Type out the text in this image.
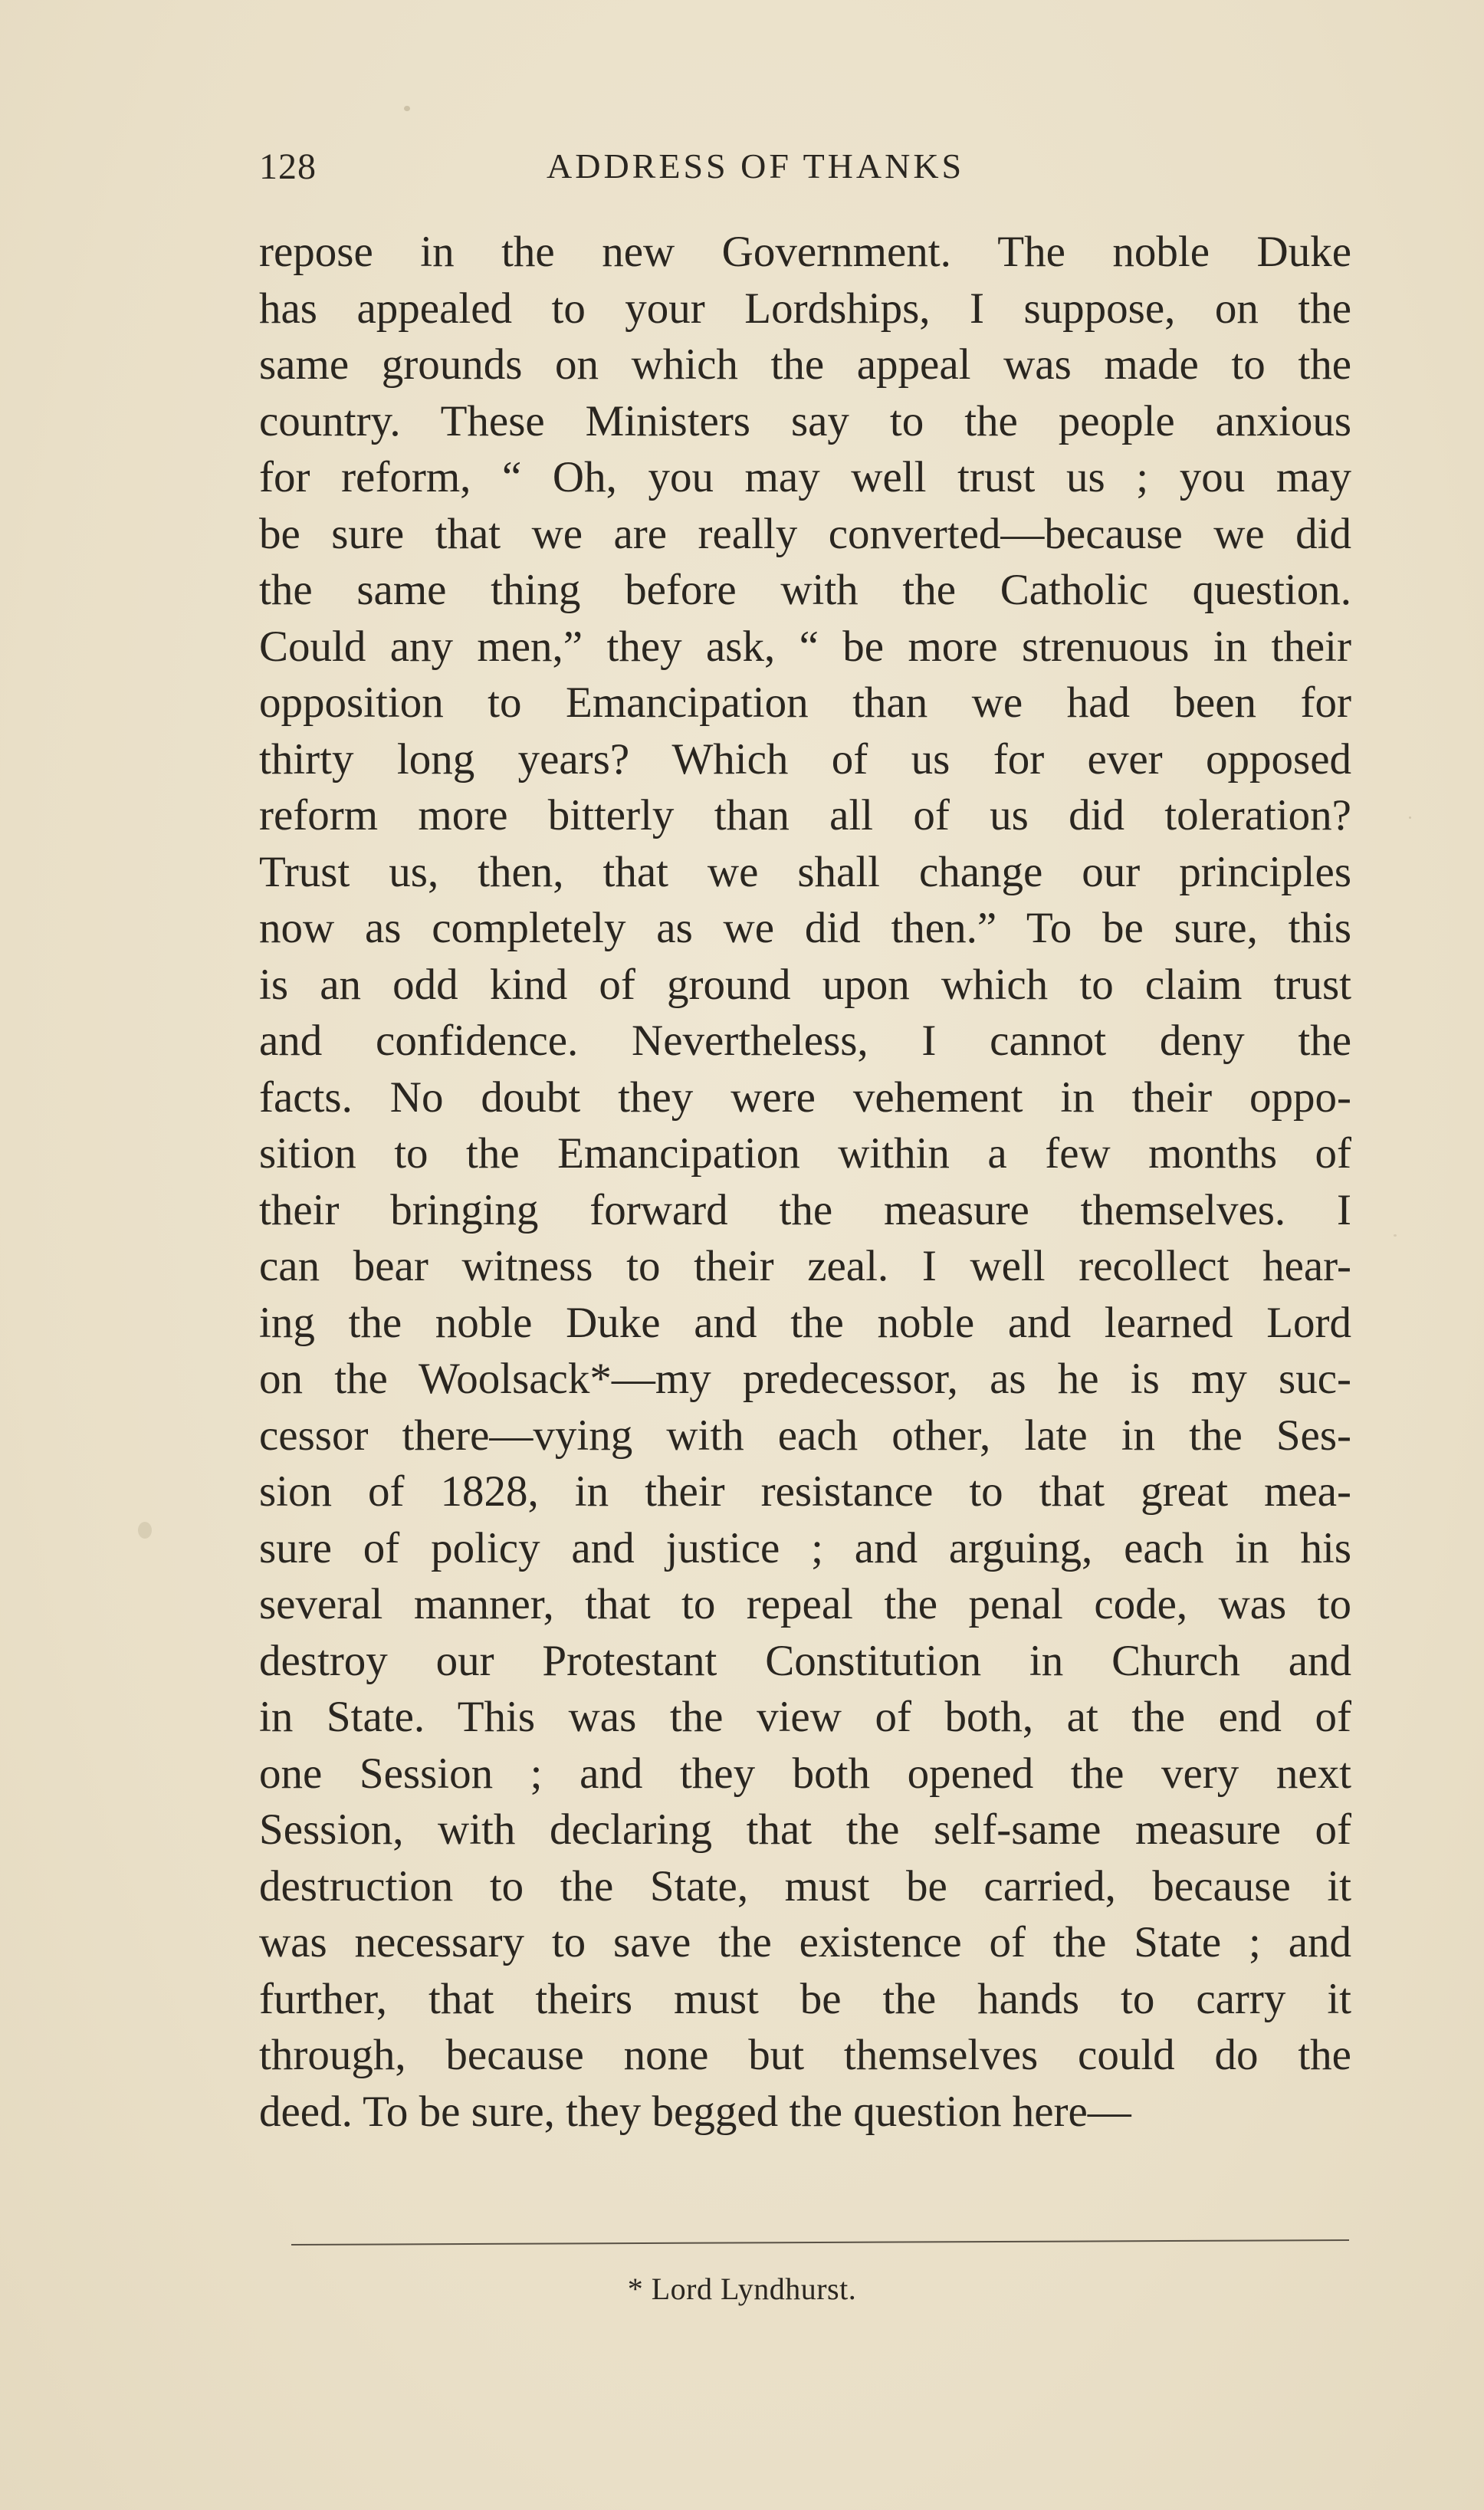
128	ADDRESS OF THANKS
repose in the new Government. The noble Duke
has appealed to your Lordships, I suppose, on the
same grounds on which the appeal was made to the
country. These Ministers say to the people anxious
for reform, “ Oh, you may well trust us ; you may
be sure that we are really converted—because we did
the same thing before with the Catholic question.
Could any men,” they ask, “ be more strenuous in their
opposition to Emancipation than we had been for
thirty long years? Which of us for ever opposed
reform more bitterly than all of us did toleration?
Trust us, then, that we shall change our principles
now as completely as we did then.” To be sure, this
is an odd kind of ground upon which to claim trust
and confidence. Nevertheless, I cannot deny the
facts. No doubt they were vehement in their oppo-
sition to the Emancipation within a few months of
their bringing forward the measure themselves. I
can bear witness to their zeal. I well recollect hear-
ing the noble Duke and the noble and learned Lord
on the Woolsack*—my predecessor, as he is my suc-
cessor there—vying with each other, late in the Ses-
sion of 1828, in their resistance to that great mea-
sure of policy and justice ; and arguing, each in his
several manner, that to repeal the penal code, was to
destroy our Protestant Constitution in Church and
in State. This was the view of both, at the end of
one Session ; and they both opened the very next
Session, with declaring that the self-same measure of
destruction to the State, must be carried, because it
was necessary to save the existence of the State ; and
further, that theirs must be the hands to carry it
through, because none but themselves could do the
deed. To be sure, they begged the question here—
* Lord Lyndhurst.
